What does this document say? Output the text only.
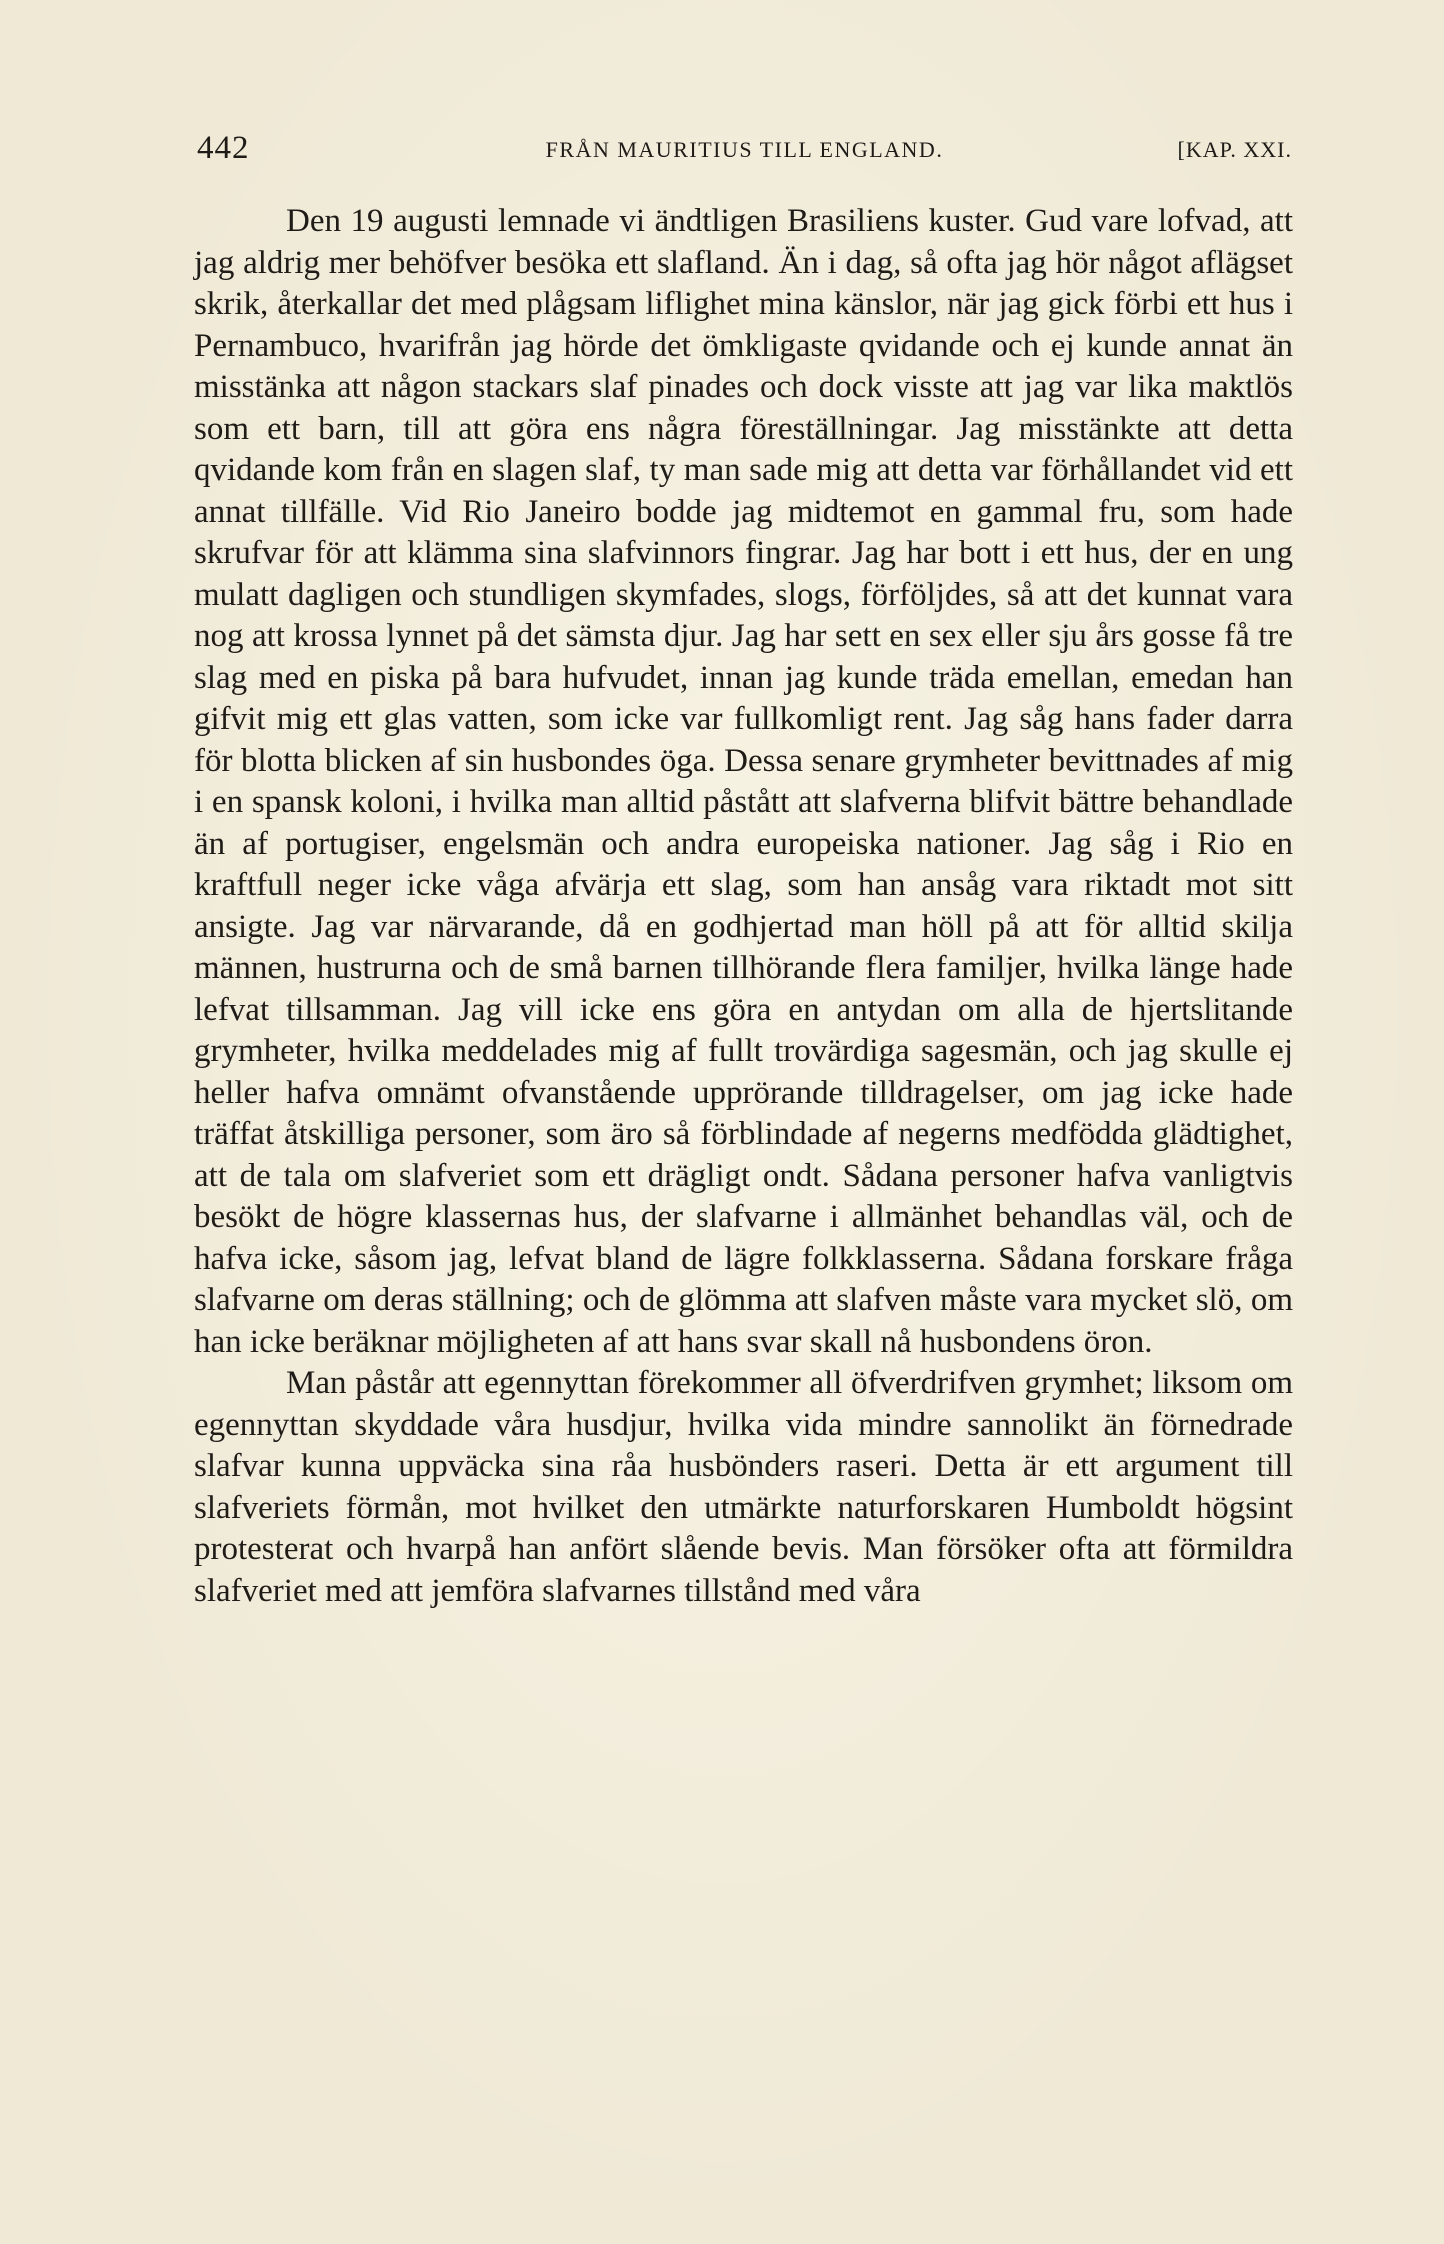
442	FRÅN MAURITIUS TILL ENGLAND.	[KAP. XXI.

Den 19 augusti lemnade vi ändtligen Brasiliens kuster. Gud vare lofvad, att jag aldrig mer behöfver besöka ett slafland. Än i dag, så ofta jag hör något aflägset skrik, återkallar det med plågsam liflighet mina känslor, när jag gick förbi ett hus i Pernambuco, hvarifrån jag hörde det ömkligaste qvidande och ej kunde annat än misstänka att någon stackars slaf pinades och dock visste att jag var lika maktlös som ett barn, till att göra ens några föreställningar. Jag misstänkte att detta qvidande kom från en slagen slaf, ty man sade mig att detta var förhållandet vid ett annat tillfälle. Vid Rio Janeiro bodde jag midtemot en gammal fru, som hade skrufvar för att klämma sina slafvinnors fingrar. Jag har bott i ett hus, der en ung mulatt dagligen och stundligen skymfades, slogs, förföljdes, så att det kunnat vara nog att krossa lynnet på det sämsta djur. Jag har sett en sex eller sju års gosse få tre slag med en piska på bara hufvudet, innan jag kunde träda emellan, emedan han gifvit mig ett glas vatten, som icke var fullkomligt rent. Jag såg hans fader darra för blotta blicken af sin husbondes öga. Dessa senare grymheter bevittnades af mig i en spansk koloni, i hvilka man alltid påstått att slafverna blifvit bättre behandlade än af portugiser, engelsmän och andra europeiska nationer. Jag såg i Rio en kraftfull neger icke våga afvärja ett slag, som han ansåg vara riktadt mot sitt ansigte. Jag var närvarande, då en godhjertad man höll på att för alltid skilja männen, hustrurna och de små barnen tillhörande flera familjer, hvilka länge hade lefvat tillsamman. Jag vill icke ens göra en antydan om alla de hjertslitande grymheter, hvilka meddelades mig af fullt trovärdiga sagesmän, och jag skulle ej heller hafva omnämt ofvanstående upprörande tilldragelser, om jag icke hade träffat åtskilliga personer, som äro så förblindade af negerns medfödda glädtighet, att de tala om slafveriet som ett drägligt ondt. Sådana personer hafva vanligtvis besökt de högre klassernas hus, der slafvarne i allmänhet behandlas väl, och de hafva icke, såsom jag, lefvat bland de lägre folkklasserna. Sådana forskare fråga slafvarne om deras ställning; och de glömma att slafven måste vara mycket slö, om han icke beräknar möjligheten af att hans svar skall nå husbondens öron.

Man påstår att egennyttan förekommer all öfverdrifven grymhet; liksom om egennyttan skyddade våra husdjur, hvilka vida mindre sannolikt än förnedrade slafvar kunna uppväcka sina råa husbönders raseri. Detta är ett argument till slafveriets förmån, mot hvilket den utmärkte naturforskaren Humboldt högsint protesterat och hvarpå han anfört slående bevis. Man försöker ofta att förmildra slafveriet med att jemföra slafvarnes tillstånd med våra
